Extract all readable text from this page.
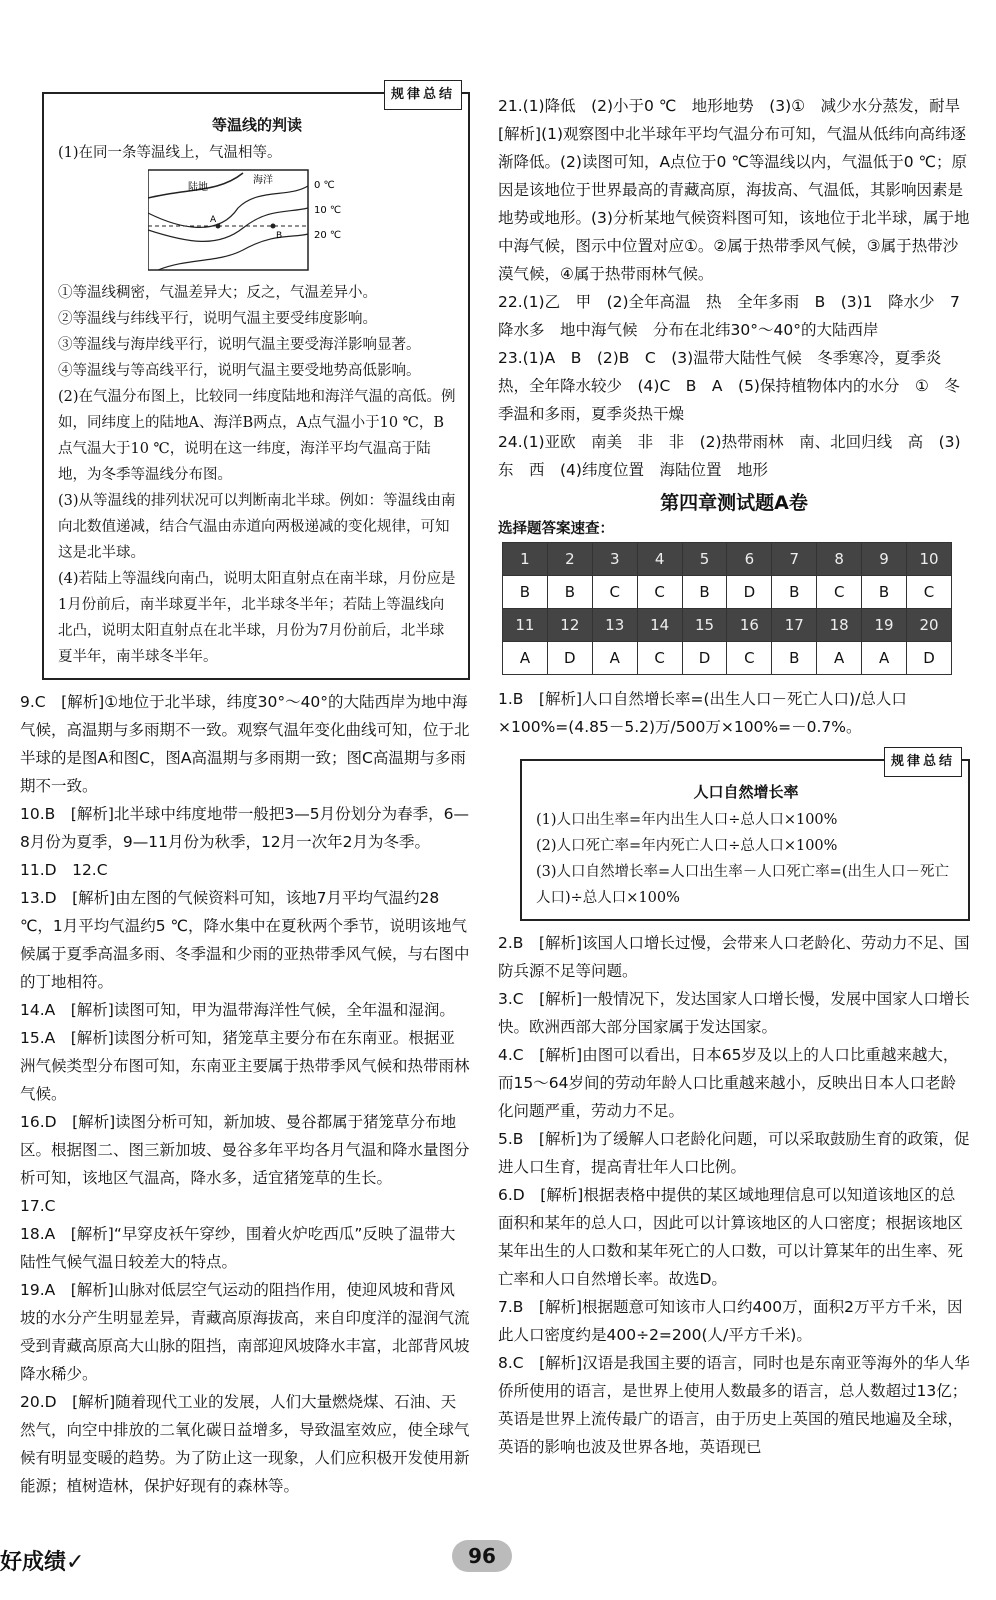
规律总结
等温线的判读

(1)在同一条等温线上，气温相等。

陆地
海洋
A
B
0 ℃
10 ℃
20 ℃

①等温线稠密，气温差异大；反之，气温差异小。

②等温线与纬线平行，说明气温主要受纬度影响。

③等温线与海岸线平行，说明气温主要受海洋影响显著。

④等温线与等高线平行，说明气温主要受地势高低影响。

(2)在气温分布图上，比较同一纬度陆地和海洋气温的高低。例如，同纬度上的陆地A、海洋B两点，A点气温小于10 ℃，B点气温大于10 ℃，说明在这一纬度，海洋平均气温高于陆地，为冬季等温线分布图。

(3)从等温线的排列状况可以判断南北半球。例如：等温线由南向北数值递减，结合气温由赤道向两极递减的变化规律，可知这是北半球。

(4)若陆上等温线向南凸，说明太阳直射点在南半球，月份应是1月份前后，南半球夏半年，北半球冬半年；若陆上等温线向北凸，说明太阳直射点在北半球，月份为7月份前后，北半球夏半年，南半球冬半年。

9.C　[解析]①地位于北半球，纬度30°～40°的大陆西岸为地中海气候，高温期与多雨期不一致。观察气温年变化曲线可知，位于北半球的是图A和图C，图A高温期与多雨期一致；图C高温期与多雨期不一致。

10.B　[解析]北半球中纬度地带一般把3—5月份划分为春季，6—8月份为夏季，9—11月份为秋季，12月一次年2月为冬季。

11.D　12.C

13.D　[解析]由左图的气候资料可知，该地7月平均气温约28 ℃，1月平均气温约5 ℃，降水集中在夏秋两个季节，说明该地气候属于夏季高温多雨、冬季温和少雨的亚热带季风气候，与右图中的丁地相符。

14.A　[解析]读图可知，甲为温带海洋性气候，全年温和湿润。

15.A　[解析]读图分析可知，猪笼草主要分布在东南亚。根据亚洲气候类型分布图可知，东南亚主要属于热带季风气候和热带雨林气候。

16.D　[解析]读图分析可知，新加坡、曼谷都属于猪笼草分布地区。根据图二、图三新加坡、曼谷多年平均各月气温和降水量图分析可知，该地区气温高，降水多，适宜猪笼草的生长。

17.C

18.A　[解析]“早穿皮袄午穿纱，围着火炉吃西瓜”反映了温带大陆性气候气温日较差大的特点。

19.A　[解析]山脉对低层空气运动的阻挡作用，使迎风坡和背风坡的水分产生明显差异，青藏高原海拔高，来自印度洋的湿润气流受到青藏高原高大山脉的阻挡，南部迎风坡降水丰富，北部背风坡降水稀少。

20.D　[解析]随着现代工业的发展，人们大量燃烧煤、石油、天然气，向空中排放的二氧化碳日益增多，导致温室效应，使全球气候有明显变暖的趋势。为了防止这一现象，人们应积极开发使用新能源；植树造林，保护好现有的森林等。

21.(1)降低　(2)小于0 ℃　地形地势　(3)①　减少水分蒸发，耐旱　[解析](1)观察图中北半球年平均气温分布可知，气温从低纬向高纬逐渐降低。(2)读图可知，A点位于0 ℃等温线以内，气温低于0 ℃；原因是该地位于世界最高的青藏高原，海拔高、气温低，其影响因素是地势或地形。(3)分析某地气候资料图可知，该地位于北半球，属于地中海气候，图示中位置对应①。②属于热带季风气候，③属于热带沙漠气候，④属于热带雨林气候。

22.(1)乙　甲　(2)全年高温　热　全年多雨　B　(3)1　降水少　7　降水多　地中海气候　分布在北纬30°～40°的大陆西岸

23.(1)A　B　(2)B　C　(3)温带大陆性气候　冬季寒冷，夏季炎热，全年降水较少　(4)C　B　A　(5)保持植物体内的水分　①　冬季温和多雨，夏季炎热干燥

24.(1)亚欧　南美　非　非　(2)热带雨林　南、北回归线　高　(3)东　西　(4)纬度位置　海陆位置　地形

第四章测试题A卷
选择题答案速查：
1	2	3	4	5	6	7	8	9	10
B	B	C	C	B	D	B	C	B	C
11	12	13	14	15	16	17	18	19	20
A	D	A	C	D	C	B	A	A	D

1.B　[解析]人口自然增长率=(出生人口－死亡人口)/总人口×100%=(4.85－5.2)万/500万×100%=－0.7%。

规律总结
人口自然增长率

(1)人口出生率=年内出生人口÷总人口×100%

(2)人口死亡率=年内死亡人口÷总人口×100%

(3)人口自然增长率=人口出生率－人口死亡率=(出生人口－死亡人口)÷总人口×100%

2.B　[解析]该国人口增长过慢，会带来人口老龄化、劳动力不足、国防兵源不足等问题。

3.C　[解析]一般情况下，发达国家人口增长慢，发展中国家人口增长快。欧洲西部大部分国家属于发达国家。

4.C　[解析]由图可以看出，日本65岁及以上的人口比重越来越大，而15～64岁间的劳动年龄人口比重越来越小，反映出日本人口老龄化问题严重，劳动力不足。

5.B　[解析]为了缓解人口老龄化问题，可以采取鼓励生育的政策，促进人口生育，提高青壮年人口比例。

6.D　[解析]根据表格中提供的某区域地理信息可以知道该地区的总面积和某年的总人口，因此可以计算该地区的人口密度；根据该地区某年出生的人口数和某年死亡的人口数，可以计算某年的出生率、死亡率和人口自然增长率。故选D。

7.B　[解析]根据题意可知该市人口约400万，面积2万平方千米，因此人口密度约是400÷2=200(人/平方千米)。

8.C　[解析]汉语是我国主要的语言，同时也是东南亚等海外的华人华侨所使用的语言，是世界上使用人数最多的语言，总人数超过13亿；英语是世界上流传最广的语言，由于历史上英国的殖民地遍及全球，英语的影响也波及世界各地，英语现已

好成绩✓	96
